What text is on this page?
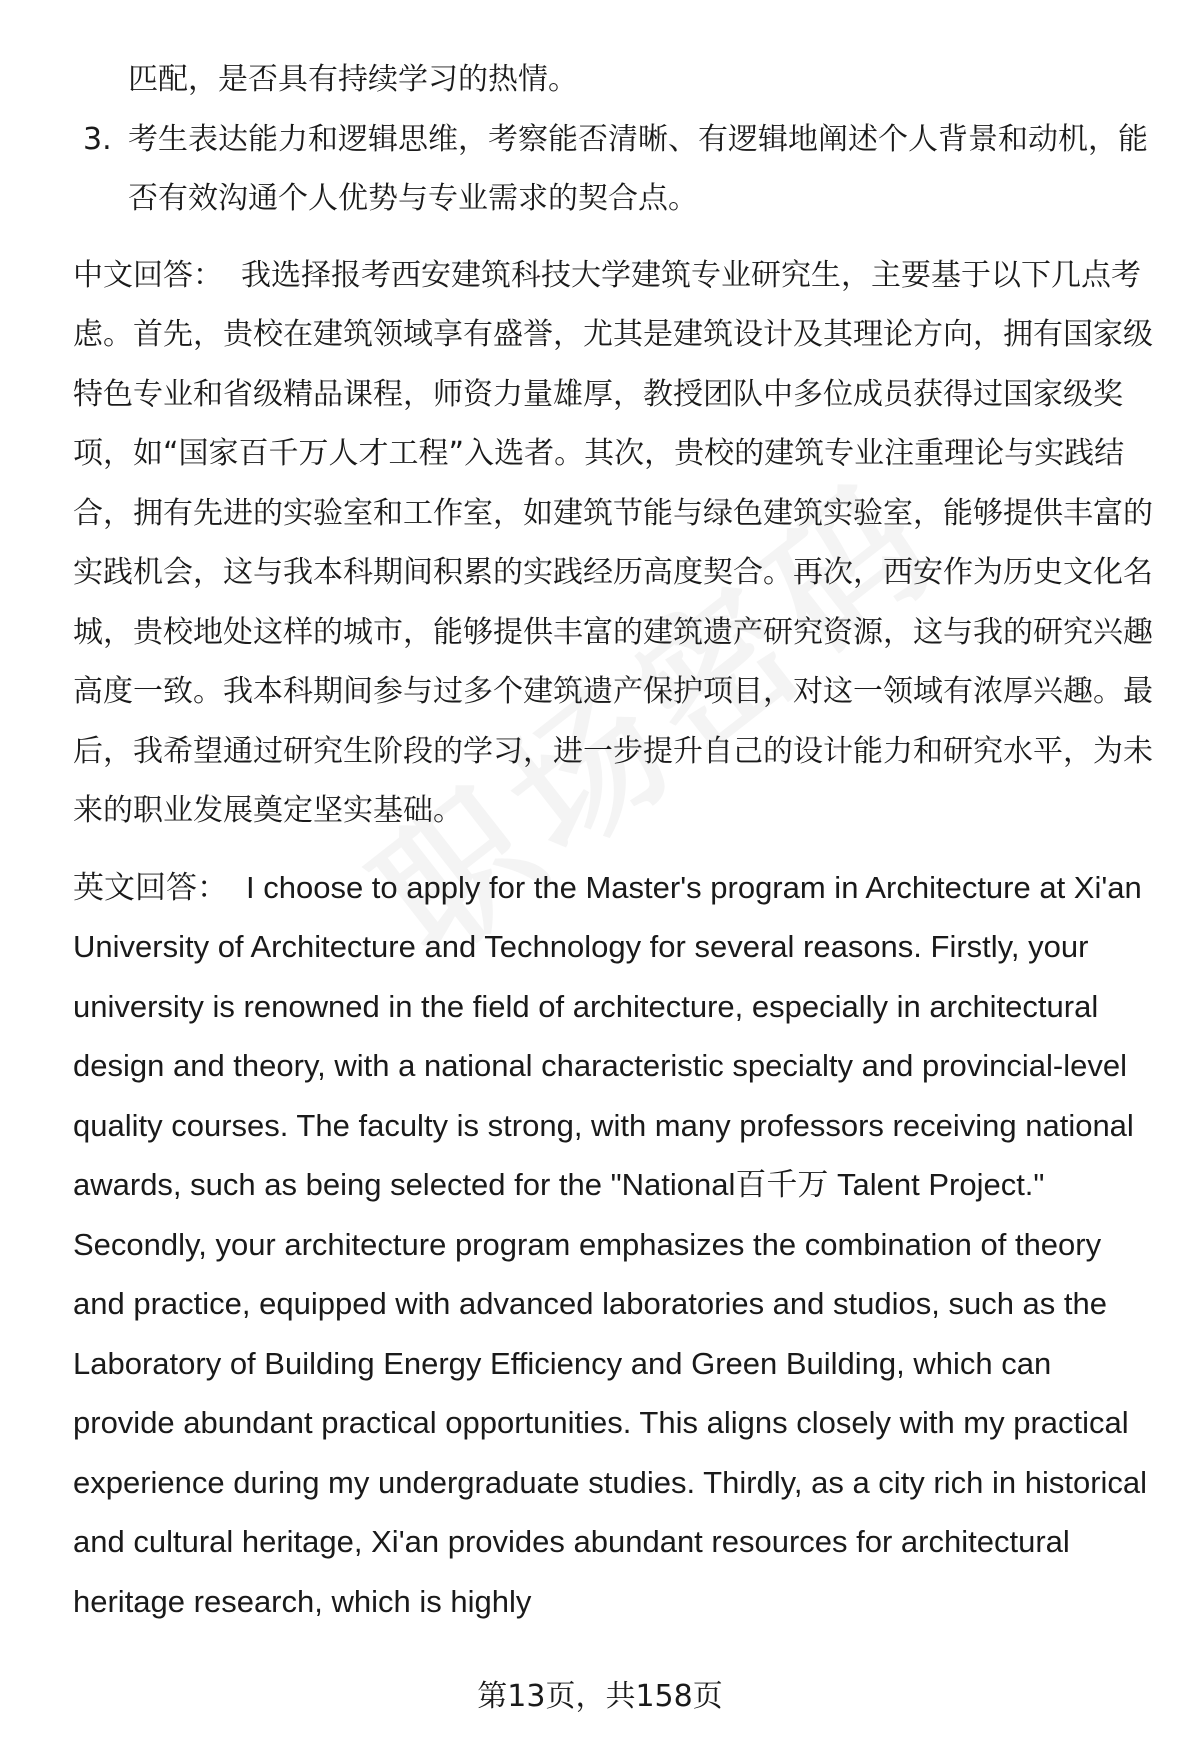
匹配，是否具有持续学习的热情。

3. 考生表达能力和逻辑思维，考察能否清晰、有逻辑地阐述个人背景和动机，能否有效沟通个人优势与专业需求的契合点。

中文回答： 我选择报考西安建筑科技大学建筑专业研究生，主要基于以下几点考虑。首先，贵校在建筑领域享有盛誉，尤其是建筑设计及其理论方向，拥有国家级特色专业和省级精品课程，师资力量雄厚，教授团队中多位成员获得过国家级奖项，如“国家百千万人才工程”入选者。其次，贵校的建筑专业注重理论与实践结合，拥有先进的实验室和工作室，如建筑节能与绿色建筑实验室，能够提供丰富的实践机会，这与我本科期间积累的实践经历高度契合。再次，西安作为历史文化名城，贵校地处这样的城市，能够提供丰富的建筑遗产研究资源，这与我的研究兴趣高度一致。我本科期间参与过多个建筑遗产保护项目，对这一领域有浓厚兴趣。最后，我希望通过研究生阶段的学习，进一步提升自己的设计能力和研究水平，为未来的职业发展奠定坚实基础。

英文回答： I choose to apply for the Master's program in Architecture at Xi'an University of Architecture and Technology for several reasons. Firstly, your university is renowned in the field of architecture, especially in architectural design and theory, with a national characteristic specialty and provincial-level quality courses. The faculty is strong, with many professors receiving national awards, such as being selected for the "National百千万 Talent Project." Secondly, your architecture program emphasizes the combination of theory and practice, equipped with advanced laboratories and studios, such as the Laboratory of Building Energy Efficiency and Green Building, which can provide abundant practical opportunities. This aligns closely with my practical experience during my undergraduate studies. Thirdly, as a city rich in historical and cultural heritage, Xi'an provides abundant resources for architectural heritage research, which is highly

第13页，共158页
